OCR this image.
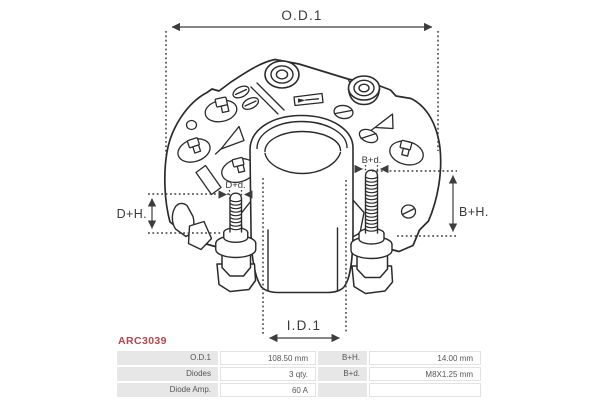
O.D.1
I.D.1
D+H.	B+H.
D+d.
B+d.
ARC3039
O.D.1	108.50 mm	B+H.	14.00 mm
Diodes	3 qty.	B+d.	M8X1.25 mm
Diode Amp.	60 A
